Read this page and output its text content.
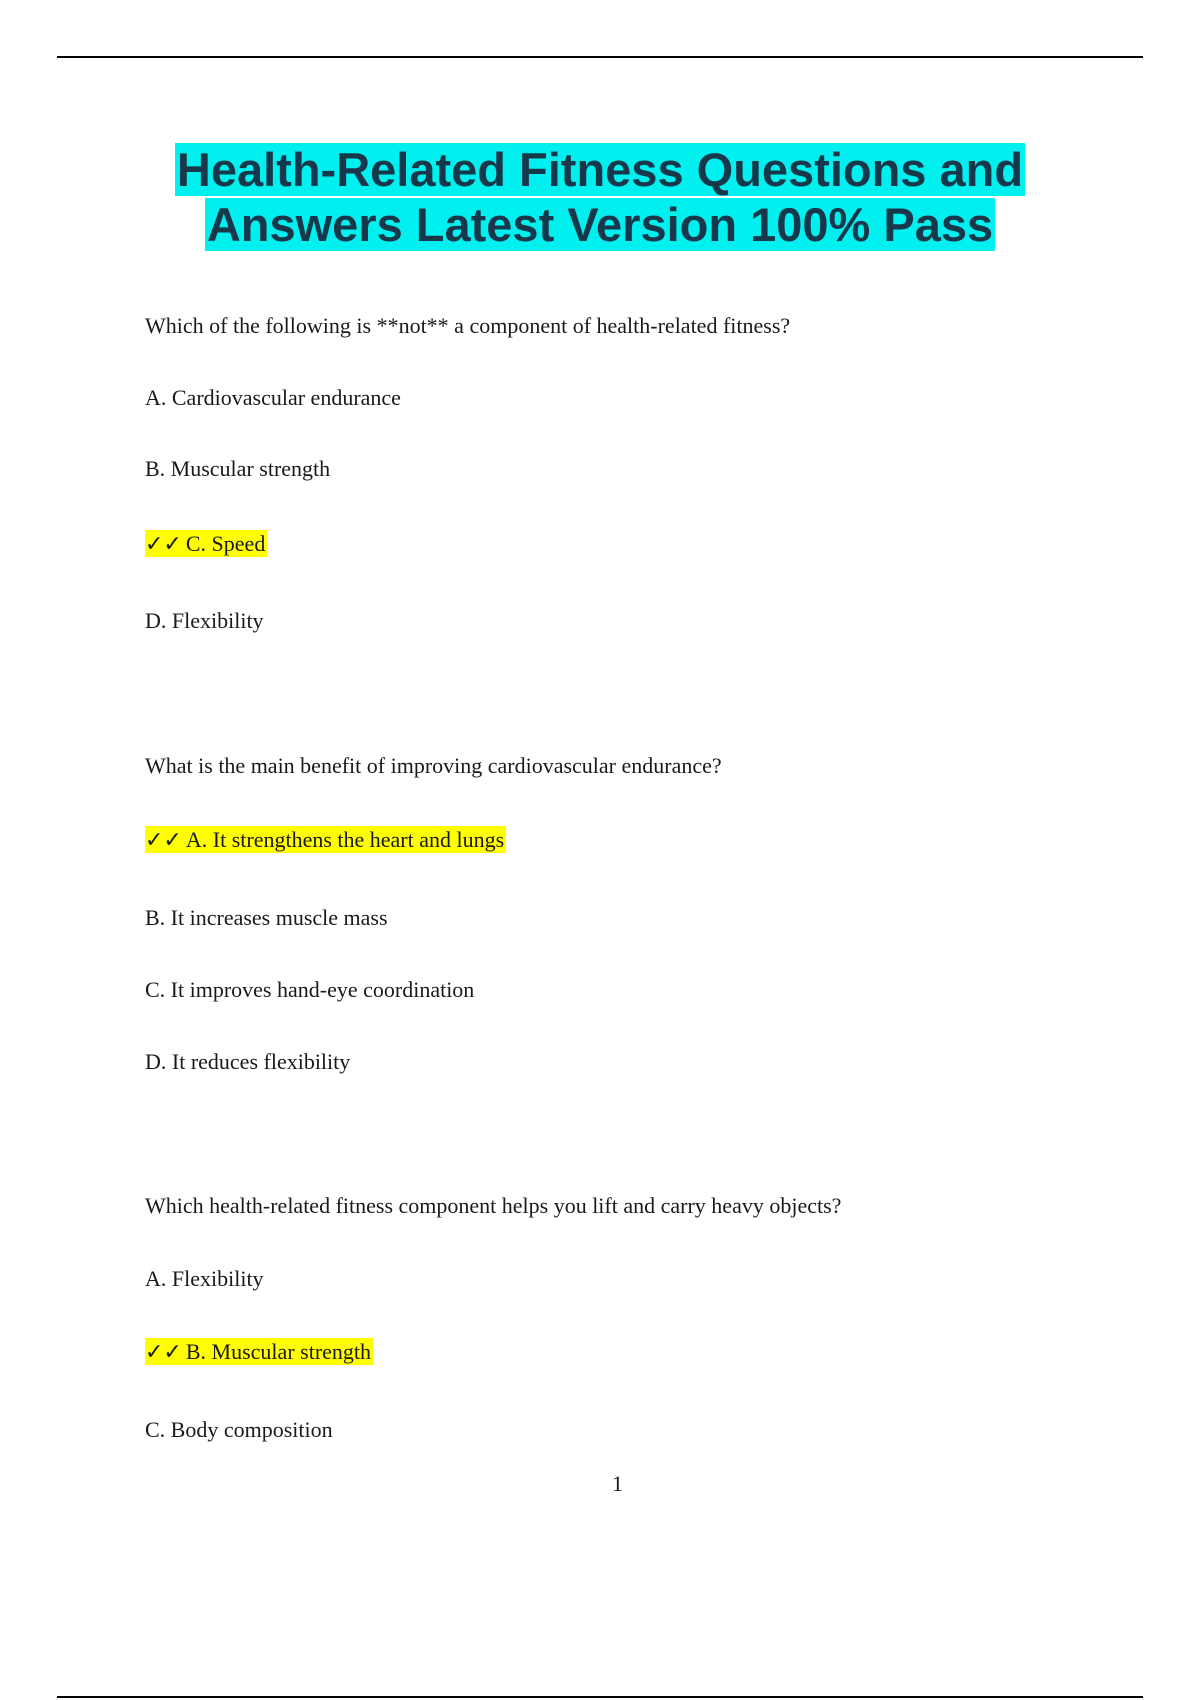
Health-Related Fitness Questions and
Answers Latest Version 100% Pass
Which of the following is **not** a component of health-related fitness?
A. Cardiovascular endurance
B. Muscular strength
✓✓ C. Speed
D. Flexibility
What is the main benefit of improving cardiovascular endurance?
✓✓ A. It strengthens the heart and lungs
B. It increases muscle mass
C. It improves hand-eye coordination
D. It reduces flexibility
Which health-related fitness component helps you lift and carry heavy objects?
A. Flexibility
✓✓ B. Muscular strength
C. Body composition
1
